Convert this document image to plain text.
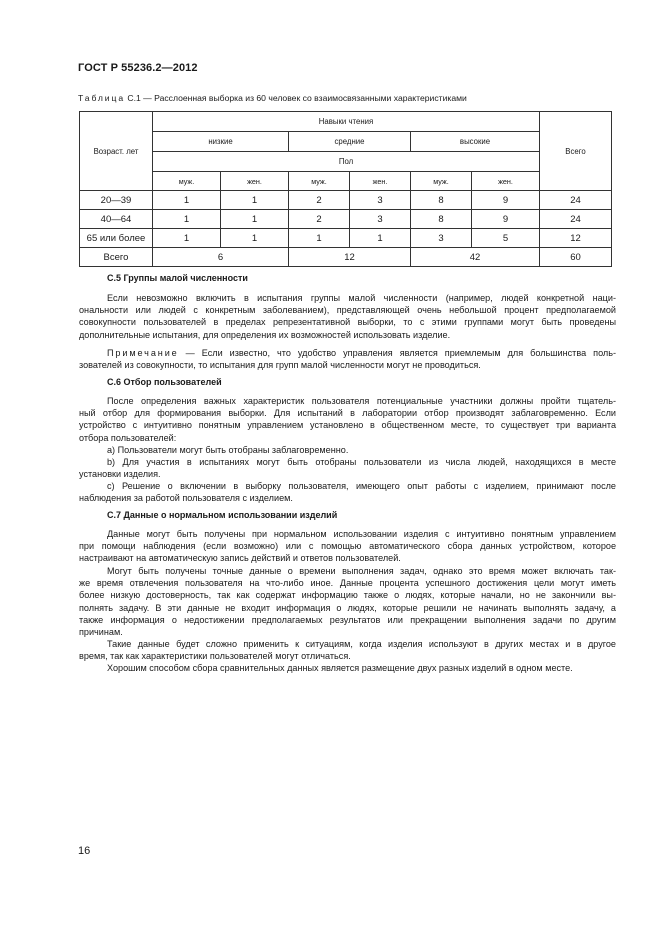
ГОСТ Р 55236.2—2012
Таблица С.1 — Расслоенная выборка из 60 человек со взаимосвязанными характеристиками
Возраст. лет	Навыки чтения						Всего
	низкие		средние		высокие		
	Пол						
	муж.	жен.	муж.	жен.	муж.	жен.	
20—39	1	1	2	3	8	9	24
40—64	1	1	2	3	8	9	24
65 или более	1	1	1	1	3	5	12
Всего	6		12		42		60
С.5 Группы малой численности

Если невозможно включить в испытания группы малой численности (например, людей конкретной наци-
ональности или людей с конкретным заболеванием), представляющей очень небольшой процент предполагаемой
совокупности пользователей в пределах репрезентативной выборки, то с этими группами могут быть проведены
дополнительные испытания, для определения их возможностей использовать изделие.

Примечание — Если известно, что удобство управления является приемлемым для большинства поль-
зователей из совокупности, то испытания для групп малой численности могут не проводиться.

С.6 Отбор пользователей

После определения важных характеристик пользователя потенциальные участники должны пройти тщатель-
ный отбор для формирования выборки. Для испытаний в лаборатории отбор производят заблаговременно. Если
устройство с интуитивно понятным управлением установлено в общественном месте, то существует три варианта
отбора пользователей:

а) Пользователи могут быть отобраны заблаговременно.

b) Для участия в испытаниях могут быть отобраны пользователи из числа людей, находящихся в месте
установки изделия.

c) Решение о включении в выборку пользователя, имеющего опыт работы с изделием, принимают после
наблюдения за работой пользователя с изделием.

С.7 Данные о нормальном использовании изделий

Данные могут быть получены при нормальном использовании изделия с интуитивно понятным управлением
при помощи наблюдения (если возможно) или с помощью автоматического сбора данных устройством, которое
настраивают на автоматическую запись действий и ответов пользователей.

Могут быть получены точные данные о времени выполнения задач, однако это время может включать так-
же время отвлечения пользователя на что-либо иное. Данные процента успешного достижения цели могут иметь
более низкую достоверность, так как содержат информацию также о людях, которые начали, но не закончили вы-
полнять задачу. В эти данные не входит информация о людях, которые решили не начинать выполнять задачу, а
также информация о недостижении предполагаемых результатов или прекращении выполнения задачи по другим
причинам.

Такие данные будет сложно применить к ситуациям, когда изделия используют в других местах и в другое
время, так как характеристики пользователей могут отличаться.

Хорошим способом сбора сравнительных данных является размещение двух разных изделий в одном месте.

16
